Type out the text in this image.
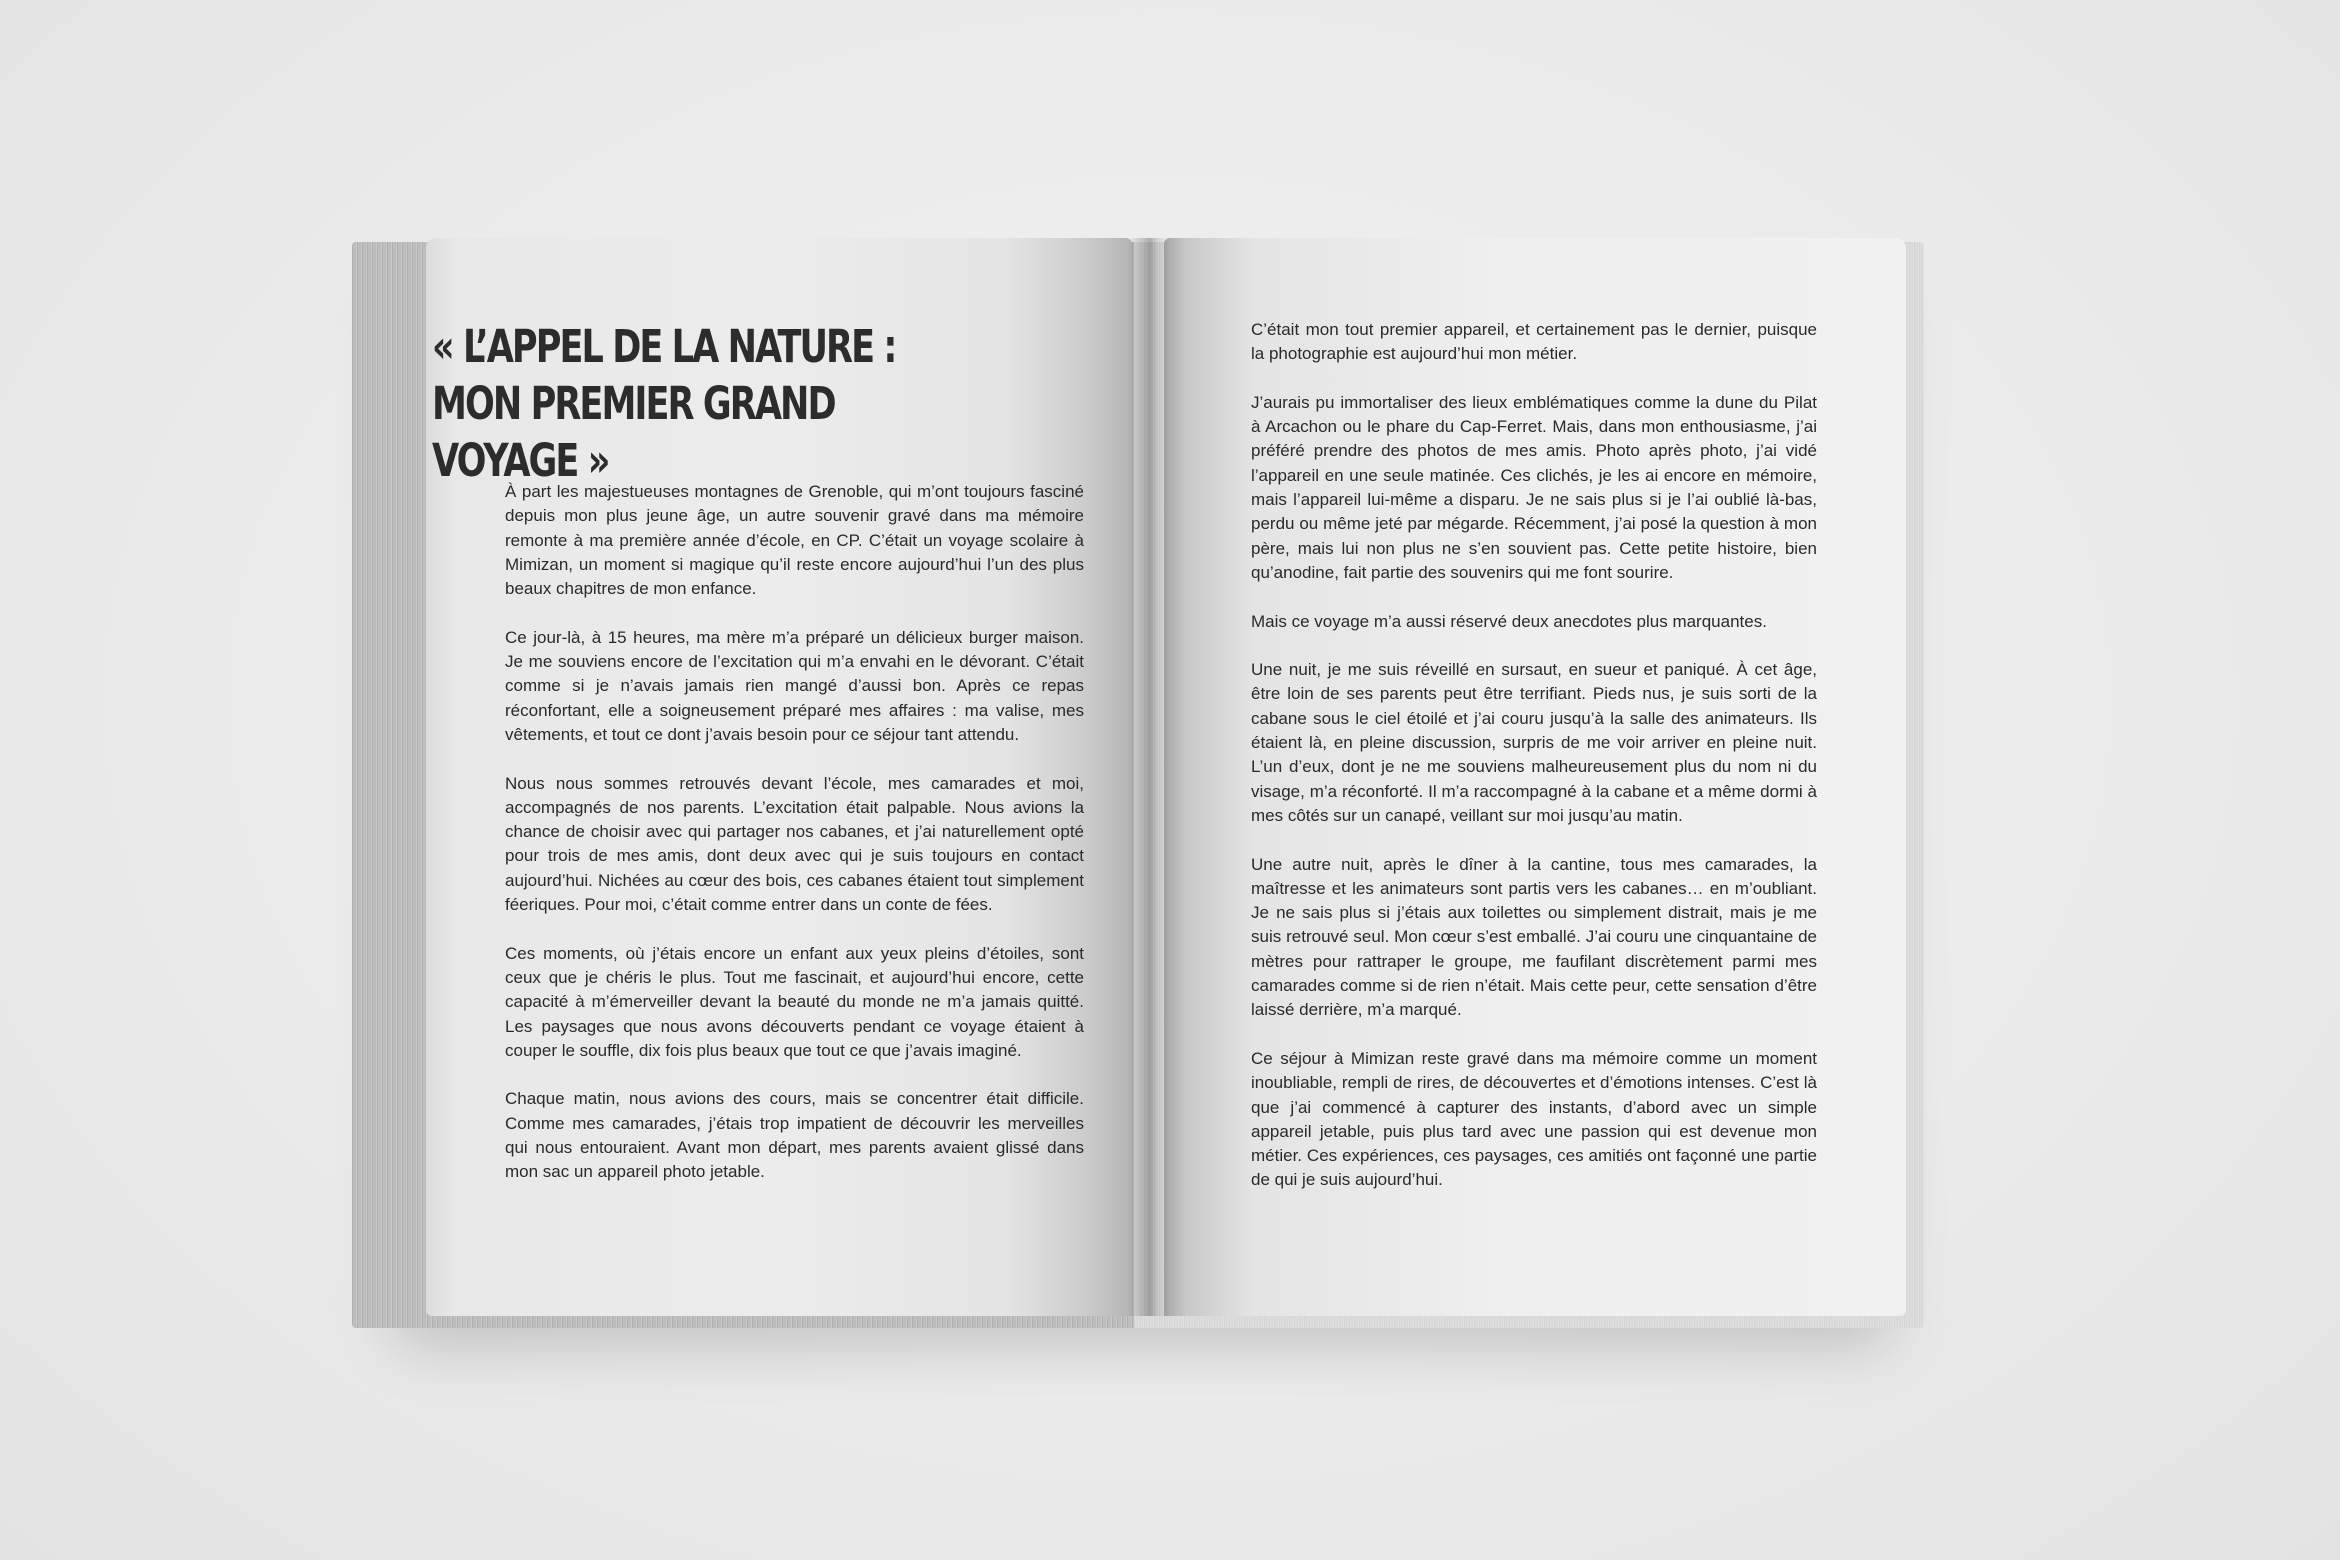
« L’APPEL DE LA NATURE : MON PREMIER GRAND VOYAGE »

À part les majestueuses montagnes de Grenoble, qui m’ont toujours fasciné depuis mon plus jeune âge, un autre souvenir gravé dans ma mémoire remonte à ma première année d’école, en CP. C’était un voyage scolaire à Mimizan, un moment si magique qu’il reste encore aujourd’hui l’un des plus beaux chapitres de mon enfance.

Ce jour-là, à 15 heures, ma mère m’a préparé un délicieux burger maison. Je me souviens encore de l’excitation qui m’a envahi en le dévorant. C’était comme si je n’avais jamais rien mangé d’aussi bon. Après ce repas réconfortant, elle a soigneusement préparé mes affaires : ma valise, mes vêtements, et tout ce dont j’avais besoin pour ce séjour tant attendu.

Nous nous sommes retrouvés devant l’école, mes camarades et moi, accompagnés de nos parents. L’excitation était palpable. Nous avions la chance de choisir avec qui partager nos cabanes, et j’ai naturellement opté pour trois de mes amis, dont deux avec qui je suis toujours en contact aujourd’hui. Nichées au cœur des bois, ces cabanes étaient tout simplement féeriques. Pour moi, c’était comme entrer dans un conte de fées.

Ces moments, où j’étais encore un enfant aux yeux pleins d’étoiles, sont ceux que je chéris le plus. Tout me fascinait, et aujourd’hui encore, cette capacité à m’émerveiller devant la beauté du monde ne m’a jamais quitté. Les paysages que nous avons découverts pendant ce voyage étaient à couper le souffle, dix fois plus beaux que tout ce que j’avais imaginé.

Chaque matin, nous avions des cours, mais se concentrer était difficile. Comme mes camarades, j’étais trop impatient de découvrir les merveilles qui nous entouraient. Avant mon départ, mes parents avaient glissé dans mon sac un appareil photo jetable.

C’était mon tout premier appareil, et certainement pas le dernier, puisque la photographie est aujourd’hui mon métier.

J’aurais pu immortaliser des lieux emblématiques comme la dune du Pilat à Arcachon ou le phare du Cap-Ferret. Mais, dans mon enthousiasme, j’ai préféré prendre des photos de mes amis. Photo après photo, j’ai vidé l’appareil en une seule matinée. Ces clichés, je les ai encore en mémoire, mais l’appareil lui-même a disparu. Je ne sais plus si je l’ai oublié là-bas, perdu ou même jeté par mégarde. Récemment, j’ai posé la question à mon père, mais lui non plus ne s’en souvient pas. Cette petite histoire, bien qu’anodine, fait partie des souvenirs qui me font sourire.

Mais ce voyage m’a aussi réservé deux anecdotes plus marquantes.

Une nuit, je me suis réveillé en sursaut, en sueur et paniqué. À cet âge, être loin de ses parents peut être terrifiant. Pieds nus, je suis sorti de la cabane sous le ciel étoilé et j’ai couru jusqu’à la salle des animateurs. Ils étaient là, en pleine discussion, surpris de me voir arriver en pleine nuit. L’un d’eux, dont je ne me souviens malheureusement plus du nom ni du visage, m’a réconforté. Il m’a raccompagné à la cabane et a même dormi à mes côtés sur un canapé, veillant sur moi jusqu’au matin.

Une autre nuit, après le dîner à la cantine, tous mes camarades, la maîtresse et les animateurs sont partis vers les cabanes… en m’oubliant. Je ne sais plus si j’étais aux toilettes ou simplement distrait, mais je me suis retrouvé seul. Mon cœur s’est emballé. J’ai couru une cinquantaine de mètres pour rattraper le groupe, me faufilant discrètement parmi mes camarades comme si de rien n’était. Mais cette peur, cette sensation d’être laissé derrière, m’a marqué.

Ce séjour à Mimizan reste gravé dans ma mémoire comme un moment inoubliable, rempli de rires, de découvertes et d’émotions intenses. C’est là que j’ai commencé à capturer des instants, d’abord avec un simple appareil jetable, puis plus tard avec une passion qui est devenue mon métier. Ces expériences, ces paysages, ces amitiés ont façonné une partie de qui je suis aujourd’hui.
